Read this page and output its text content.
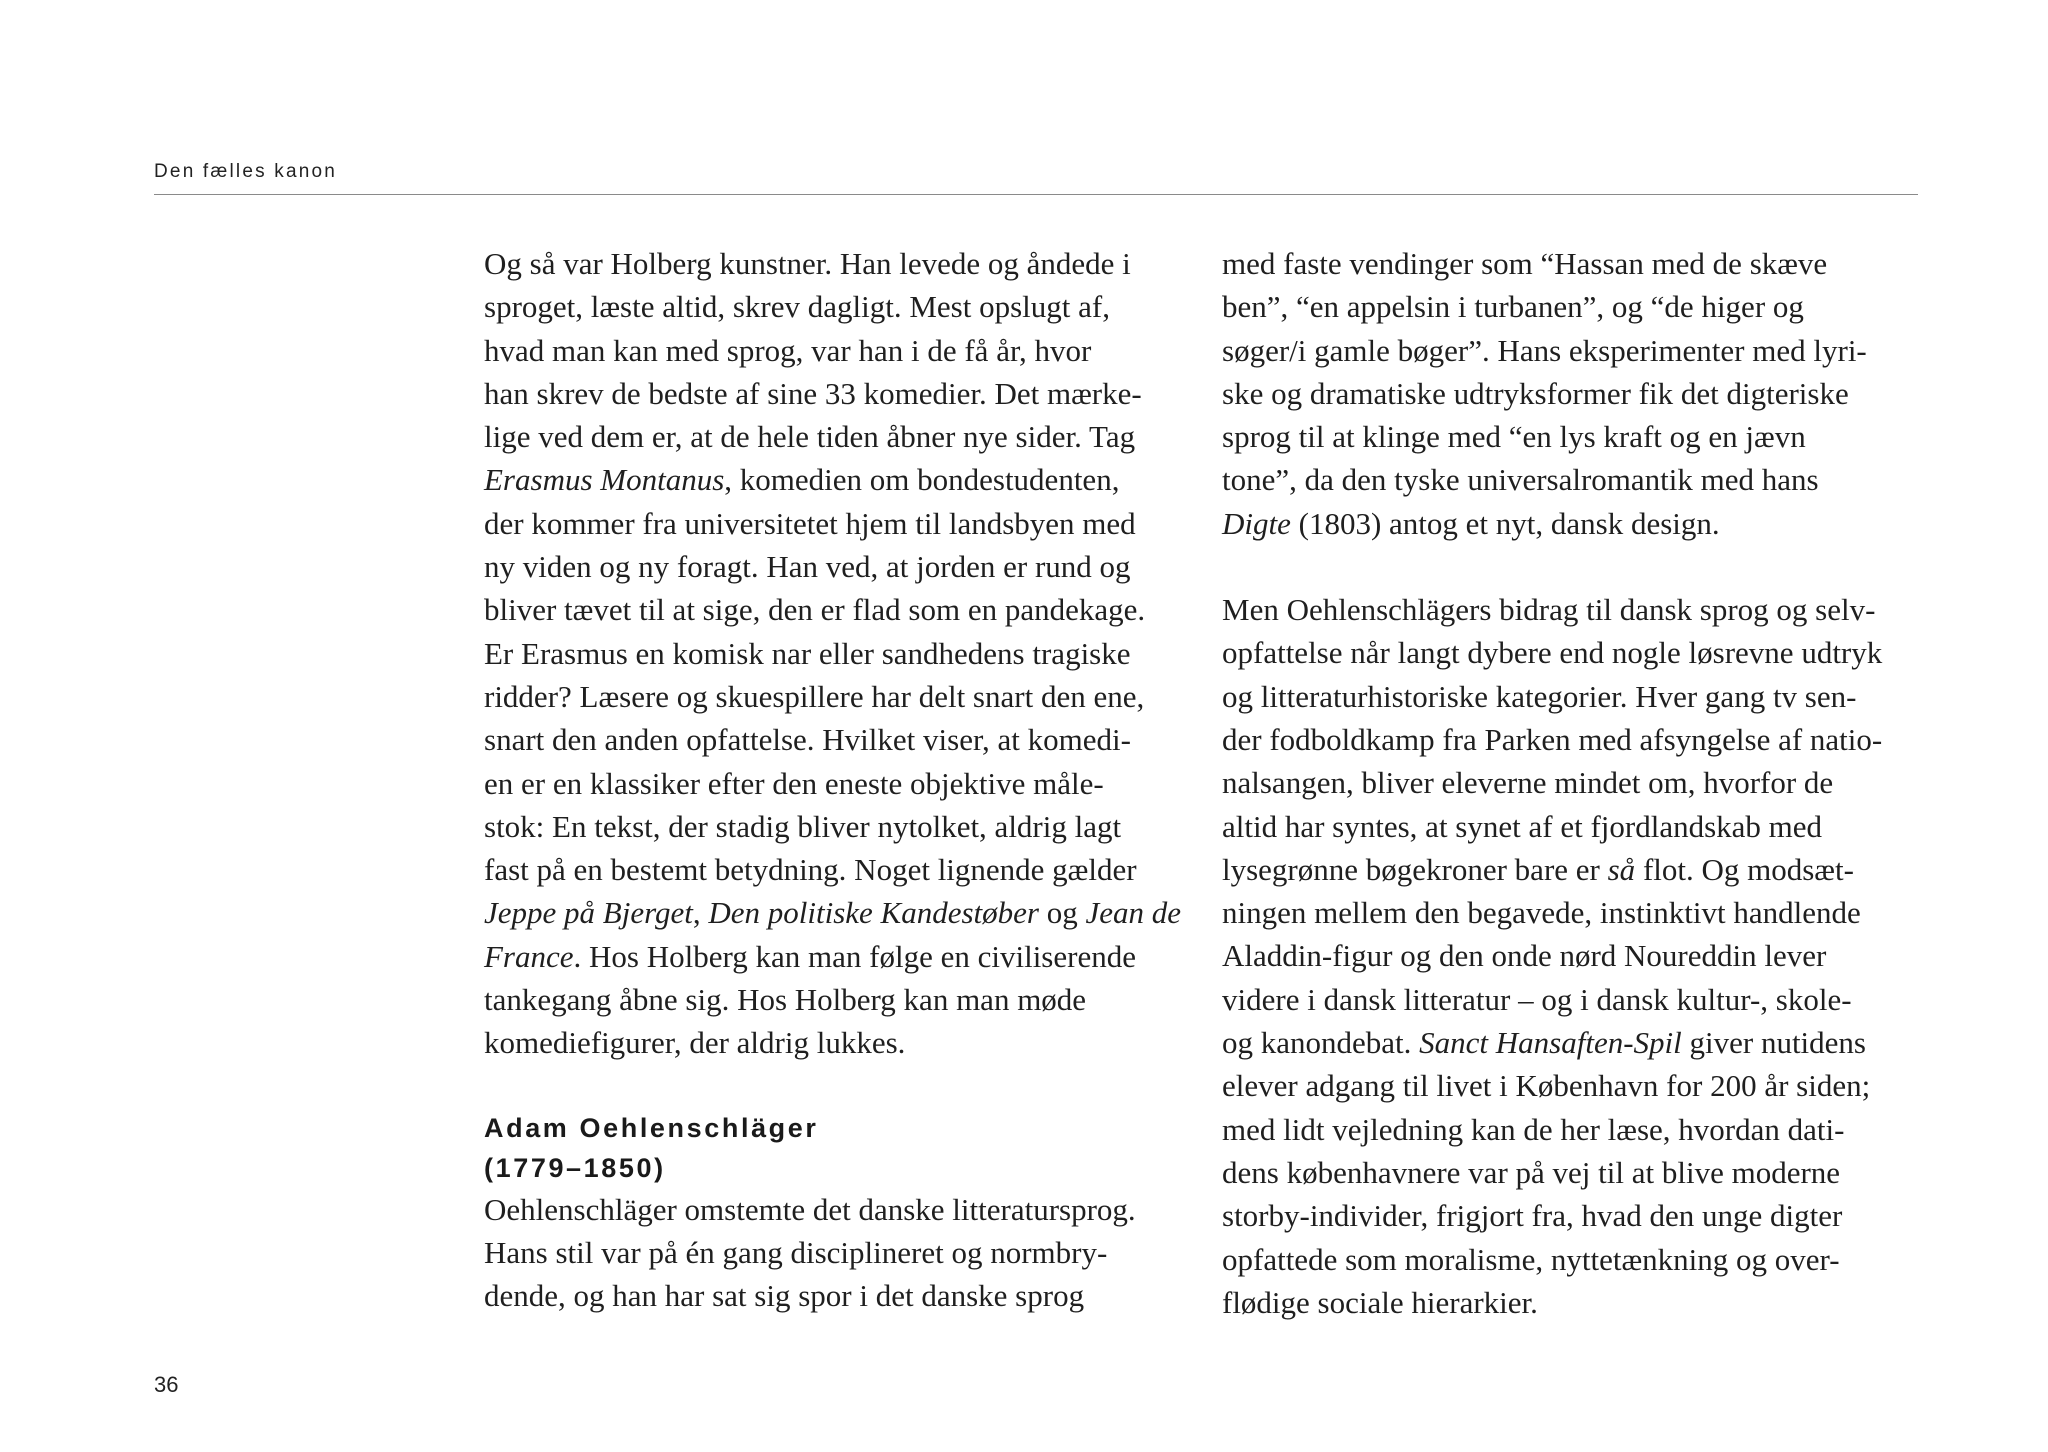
Den fælles kanon

Og så var Holberg kunstner. Han levede og åndede i
sproget, læste altid, skrev dagligt. Mest opslugt af,
hvad man kan med sprog, var han i de få år, hvor
han skrev de bedste af sine 33 komedier. Det mærke-
lige ved dem er, at de hele tiden åbner nye sider. Tag
Erasmus Montanus, komedien om bondestudenten,
der kommer fra universitetet hjem til landsbyen med
ny viden og ny foragt. Han ved, at jorden er rund og
bliver tævet til at sige, den er flad som en pandekage.
Er Erasmus en komisk nar eller sandhedens tragiske
ridder? Læsere og skuespillere har delt snart den ene,
snart den anden opfattelse. Hvilket viser, at komedi-
en er en klassiker efter den eneste objektive måle-
stok: En tekst, der stadig bliver nytolket, aldrig lagt
fast på en bestemt betydning. Noget lignende gælder
Jeppe på Bjerget, Den politiske Kandestøber og Jean de
France. Hos Holberg kan man følge en civiliserende
tankegang åbne sig. Hos Holberg kan man møde
komediefigurer, der aldrig lukkes.

Adam Oehlenschläger
(1779–1850)

Oehlenschläger omstemte det danske litteratursprog.
Hans stil var på én gang disciplineret og normbry-
dende, og han har sat sig spor i det danske sprog

med faste vendinger som “Hassan med de skæve
ben”, “en appelsin i turbanen”, og “de higer og
søger/i gamle bøger”. Hans eksperimenter med lyri-
ske og dramatiske udtryksformer fik det digteriske
sprog til at klinge med “en lys kraft og en jævn
tone”, da den tyske universalromantik med hans
Digte (1803) antog et nyt, dansk design.

Men Oehlenschlägers bidrag til dansk sprog og selv-
opfattelse når langt dybere end nogle løsrevne udtryk
og litteraturhistoriske kategorier. Hver gang tv sen-
der fodboldkamp fra Parken med afsyngelse af natio-
nalsangen, bliver eleverne mindet om, hvorfor de
altid har syntes, at synet af et fjordlandskab med
lysegrønne bøgekroner bare er så flot. Og modsæt-
ningen mellem den begavede, instinktivt handlende
Aladdin-figur og den onde nørd Noureddin lever
videre i dansk litteratur – og i dansk kultur-, skole-
og kanondebat. Sanct Hansaften-Spil giver nutidens
elever adgang til livet i København for 200 år siden;
med lidt vejledning kan de her læse, hvordan dati-
dens københavnere var på vej til at blive moderne
storby-individer, frigjort fra, hvad den unge digter
opfattede som moralisme, nyttetænkning og over-
flødige sociale hierarkier.

36
